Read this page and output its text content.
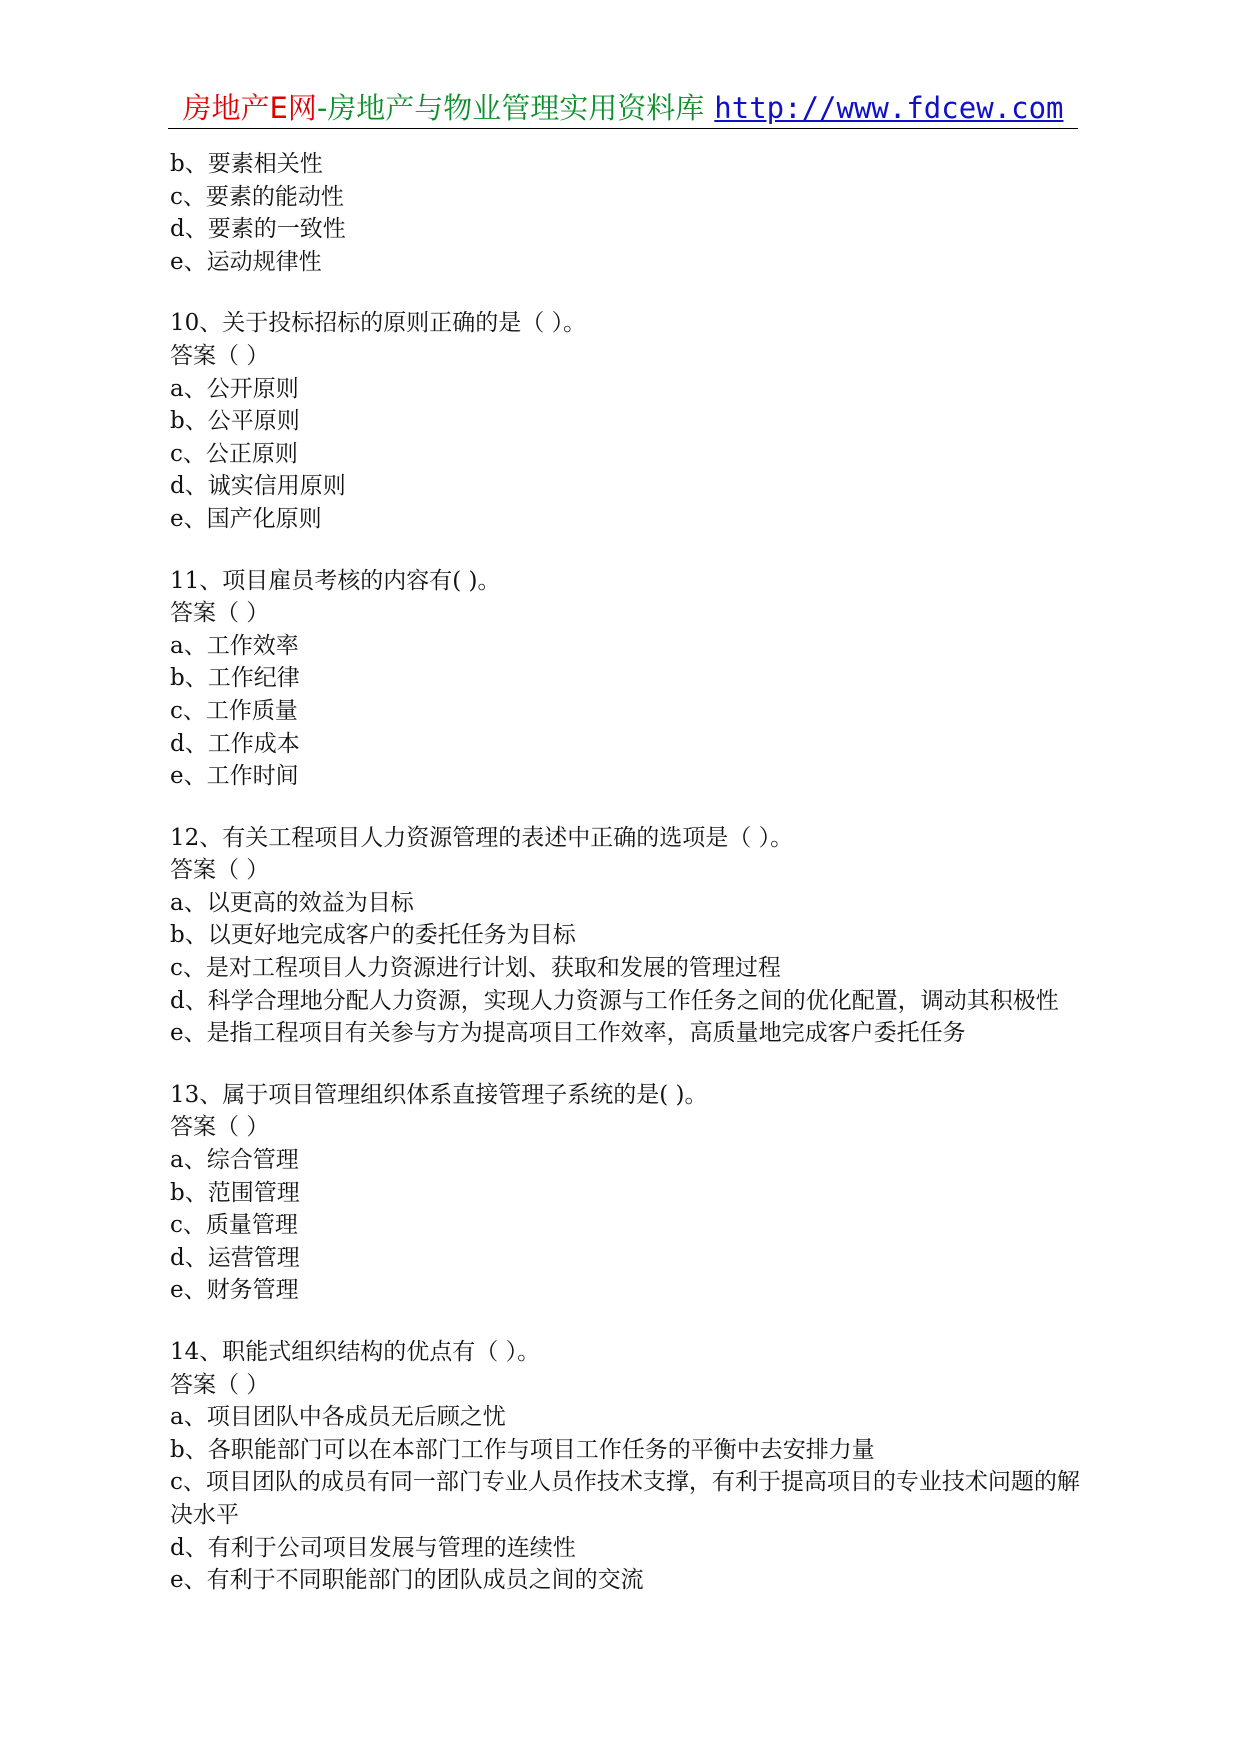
房地产E网-房地产与物业管理实用资料库 http://www.fdcew.com
b、要素相关性
c、要素的能动性
d、要素的一致性
e、运动规律性
10、关于投标招标的原则正确的是（ ）。
答案（ ）
a、公开原则
b、公平原则
c、公正原则
d、诚实信用原则
e、国产化原则
11、项目雇员考核的内容有( )。
答案（ ）
a、工作效率
b、工作纪律
c、工作质量
d、工作成本
e、工作时间
12、有关工程项目人力资源管理的表述中正确的选项是（ ）。
答案（ ）
a、以更高的效益为目标
b、以更好地完成客户的委托任务为目标
c、是对工程项目人力资源进行计划、获取和发展的管理过程
d、科学合理地分配人力资源，实现人力资源与工作任务之间的优化配置，调动其积极性
e、是指工程项目有关参与方为提高项目工作效率，高质量地完成客户委托任务
13、属于项目管理组织体系直接管理子系统的是( )。
答案（ ）
a、综合管理
b、范围管理
c、质量管理
d、运营管理
e、财务管理
14、职能式组织结构的优点有（ ）。
答案（ ）
a、项目团队中各成员无后顾之忧
b、各职能部门可以在本部门工作与项目工作任务的平衡中去安排力量
c、项目团队的成员有同一部门专业人员作技术支撑，有利于提高项目的专业技术问题的解决水平
d、有利于公司项目发展与管理的连续性
e、有利于不同职能部门的团队成员之间的交流
